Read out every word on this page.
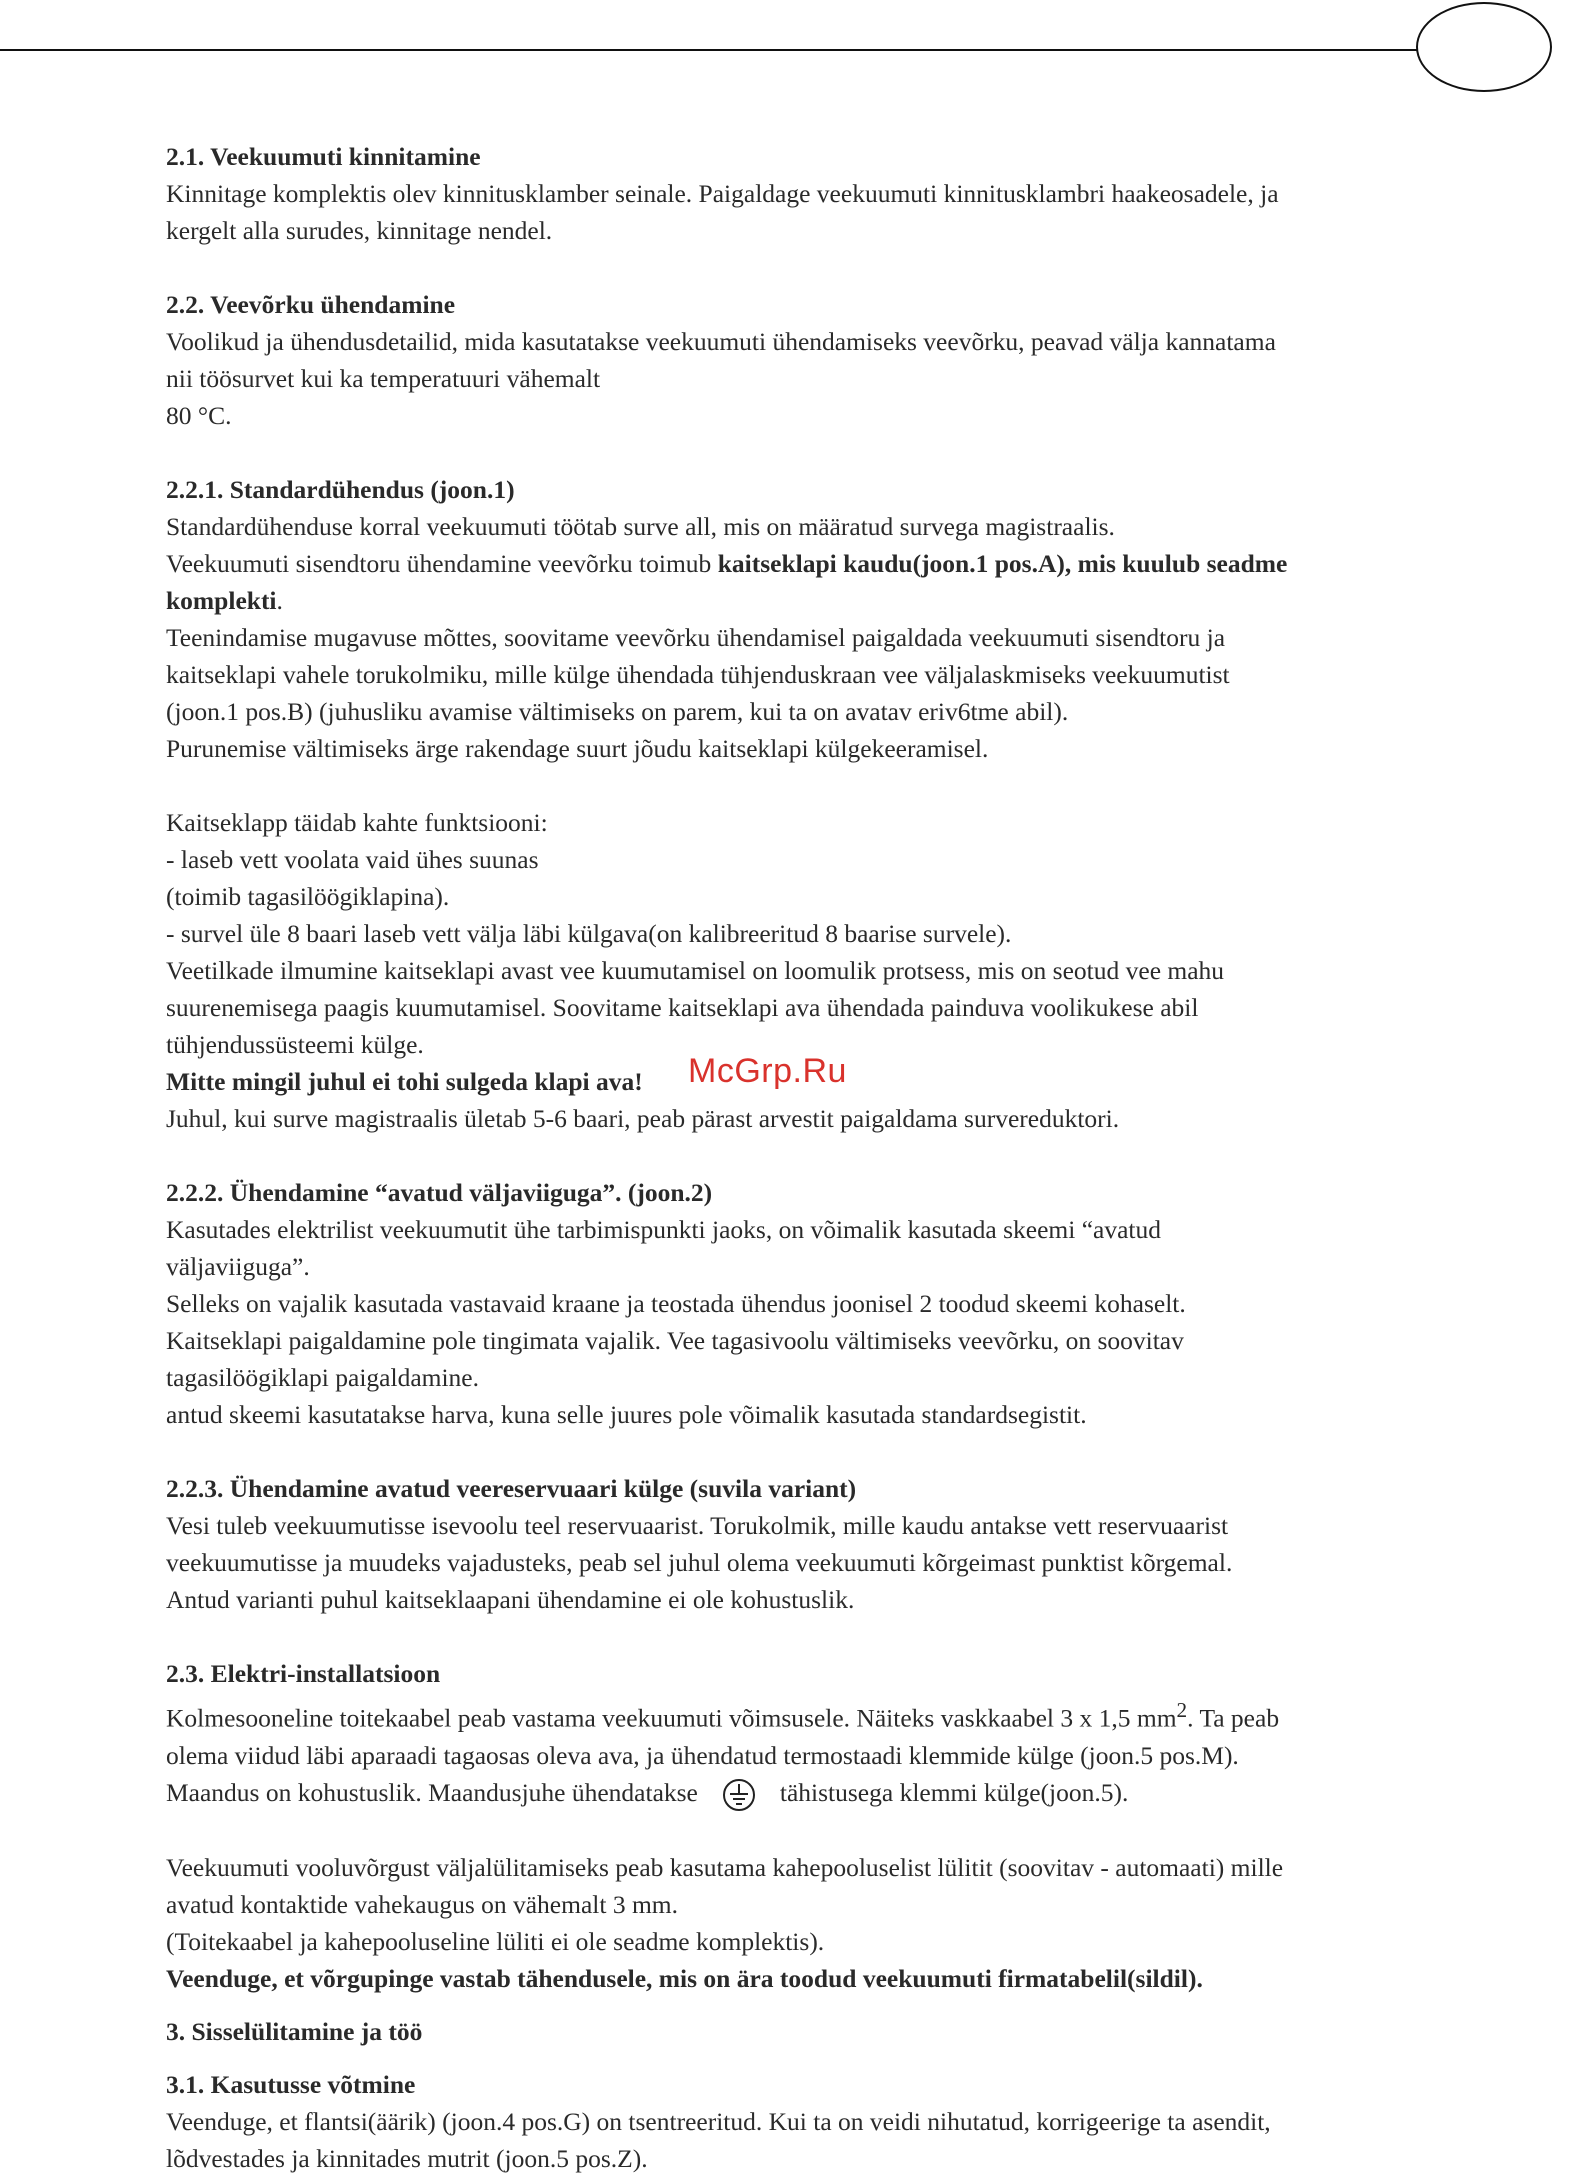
McGrp.Ru

2.1. Veekuumuti kinnitamine

Kinnitage komplektis olev kinnitusklamber seinale. Paigaldage veekuumuti kinnitusklambri haakeosadele, ja

kergelt alla surudes, kinnitage nendel.

2.2. Veevõrku ühendamine

Voolikud ja ühendusdetailid, mida kasutatakse veekuumuti ühendamiseks veevõrku, peavad välja kannatama

nii töösurvet kui ka temperatuuri vähemalt

80 °C.

2.2.1. Standardühendus (joon.1)

Standardühenduse korral veekuumuti töötab surve all, mis on määratud survega magistraalis.

Veekuumuti sisendtoru ühendamine veevõrku toimub kaitseklapi kaudu(joon.1 pos.A), mis kuulub seadme

komplekti.

Teenindamise mugavuse mõttes, soovitame veevõrku ühendamisel paigaldada veekuumuti sisendtoru ja

kaitseklapi vahele torukolmiku, mille külge ühendada tühjenduskraan vee väljalaskmiseks veekuumutist

(joon.1 pos.B) (juhusliku avamise vältimiseks on parem, kui ta on avatav eriv6tme abil).

Purunemise vältimiseks ärge rakendage suurt jõudu kaitseklapi külgekeeramisel.

Kaitseklapp täidab kahte funktsiooni:

- laseb vett voolata vaid ühes suunas

(toimib tagasilöögiklapina).

- survel üle 8 baari laseb vett välja läbi külgava(on kalibreeritud 8 baarise survele).

Veetilkade ilmumine kaitseklapi avast vee kuumutamisel on loomulik protsess, mis on seotud vee mahu

suurenemisega paagis kuumutamisel. Soovitame kaitseklapi ava ühendada painduva voolikukese abil

tühjendussüsteemi külge.

Mitte mingil juhul ei tohi sulgeda klapi ava!

Juhul, kui surve magistraalis ületab 5-6 baari, peab pärast arvestit paigaldama survereduktori.

2.2.2. Ühendamine “avatud väljaviiguga”. (joon.2)

Kasutades elektrilist veekuumutit ühe tarbimispunkti jaoks, on võimalik kasutada skeemi “avatud

väljaviiguga”.

Selleks on vajalik kasutada vastavaid kraane ja teostada ühendus joonisel 2 toodud skeemi kohaselt.

Kaitseklapi paigaldamine pole tingimata vajalik. Vee tagasivoolu vältimiseks veevõrku, on soovitav

tagasilöögiklapi paigaldamine.

antud skeemi kasutatakse harva, kuna selle juures pole võimalik kasutada standardsegistit.

2.2.3. Ühendamine avatud veereservuaari külge (suvila variant)

Vesi tuleb veekuumutisse isevoolu teel reservuaarist. Torukolmik, mille kaudu antakse vett reservuaarist

veekuumutisse ja muudeks vajadusteks, peab sel juhul olema veekuumuti kõrgeimast punktist kõrgemal.

Antud varianti puhul kaitseklaapani ühendamine ei ole kohustuslik.

2.3. Elektri-installatsioon

Kolmesooneline toitekaabel peab vastama veekuumuti võimsusele. Näiteks vaskkaabel 3 x 1,5 $mm^2$. Ta peab

olema viidud läbi aparaadi tagaosas oleva ava, ja ühendatud termostaadi klemmide külge (joon.5 pos.M).

Maandus on kohustuslik. Maandusjuhe ühendatakse	tähistusega klemmi külge(joon.5).

Veekuumuti vooluvõrgust väljalülitamiseks peab kasutama kahepooluselist lülitit (soovitav - automaati) mille

avatud kontaktide vahekaugus on vähemalt 3 mm.

(Toitekaabel ja kahepooluseline lüliti ei ole seadme komplektis).

Veenduge, et võrgupinge vastab tähendusele, mis on ära toodud veekuumuti firmatabelil(sildil).

3. Sisselülitamine ja töö

3.1. Kasutusse võtmine

Veenduge, et flantsi(äärik) (joon.4 pos.G) on tsentreeritud. Kui ta on veidi nihutatud, korrigeerige ta asendit,

lõdvestades ja kinnitades mutrit (joon.5 pos.Z).
